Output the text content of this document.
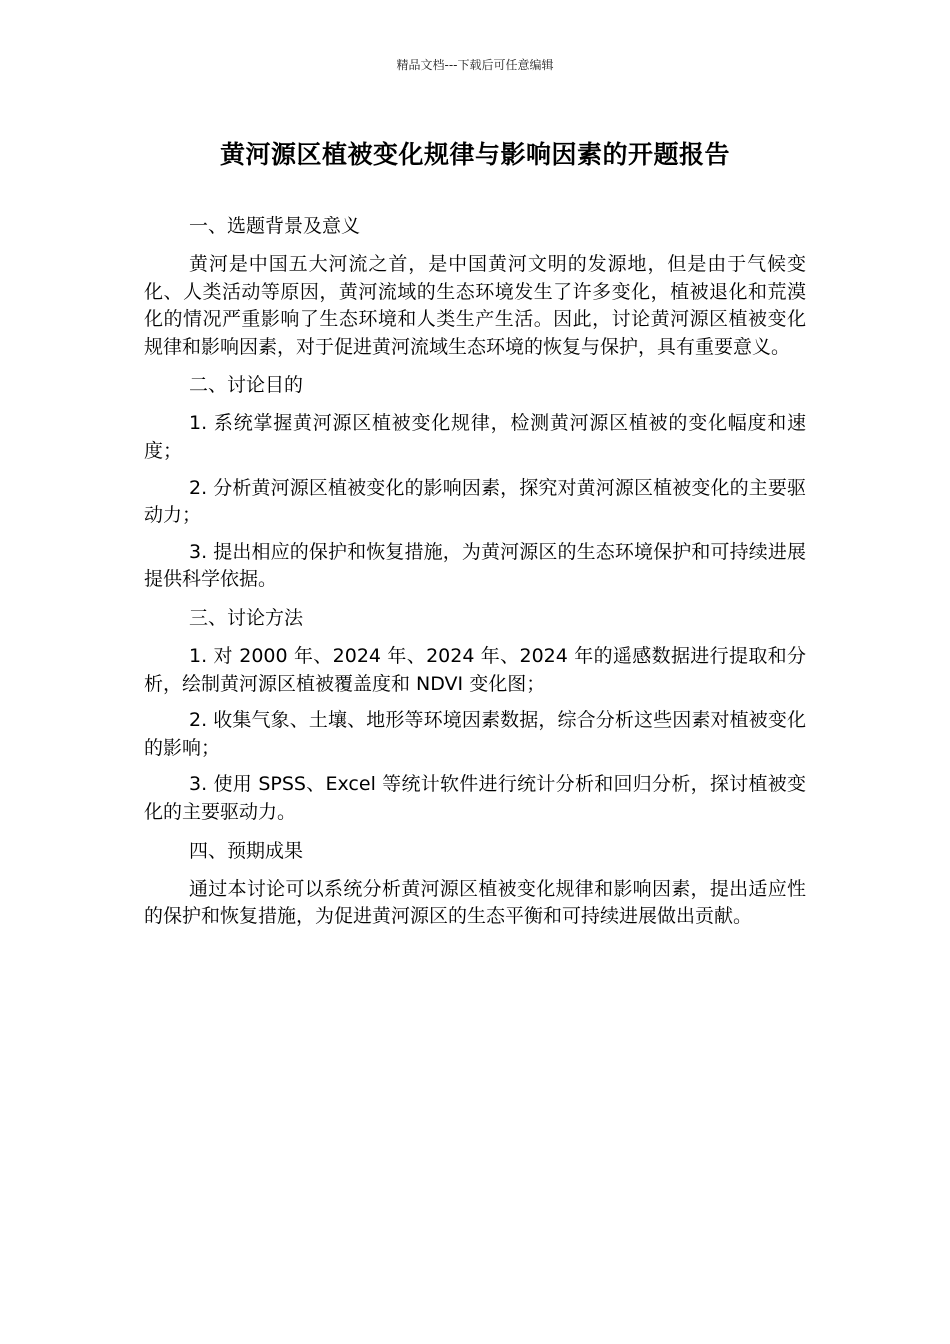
精品文档---下载后可任意编辑
黄河源区植被变化规律与影响因素的开题报告
一、选题背景及意义

黄河是中国五大河流之首，是中国黄河文明的发源地，但是由于气候变化、人类活动等原因，黄河流域的生态环境发生了许多变化，植被退化和荒漠化的情况严重影响了生态环境和人类生产生活。因此，讨论黄河源区植被变化规律和影响因素，对于促进黄河流域生态环境的恢复与保护，具有重要意义。

二、讨论目的

1. 系统掌握黄河源区植被变化规律，检测黄河源区植被的变化幅度和速度；

2. 分析黄河源区植被变化的影响因素，探究对黄河源区植被变化的主要驱动力；

3. 提出相应的保护和恢复措施，为黄河源区的生态环境保护和可持续进展提供科学依据。

三、讨论方法

1. 对 2000 年、2024 年、2024 年、2024 年的遥感数据进行提取和分析，绘制黄河源区植被覆盖度和 NDVI 变化图；

2. 收集气象、土壤、地形等环境因素数据，综合分析这些因素对植被变化的影响；

3. 使用 SPSS、Excel 等统计软件进行统计分析和回归分析，探讨植被变化的主要驱动力。

四、预期成果

通过本讨论可以系统分析黄河源区植被变化规律和影响因素，提出适应性的保护和恢复措施，为促进黄河源区的生态平衡和可持续进展做出贡献。
